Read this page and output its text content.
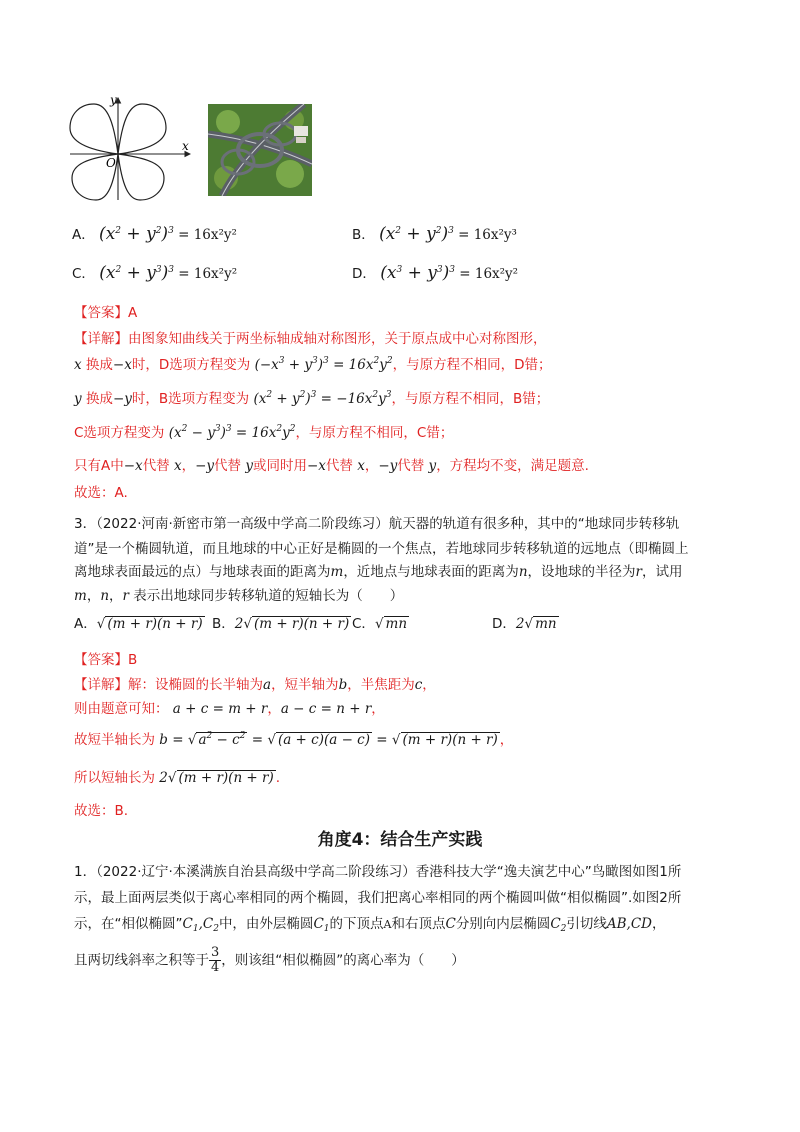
y
x
O
A． $(x^2 + y^2)^3 = 16x^2y^2$	B． $(x^2 + y^2)^3 = 16x^2y^3$
C． $(x^2 + y^3)^3 = 16x^2y^2$	D． $(x^3 + y^3)^3 = 16x^2y^2$
【答案】A
【详解】由图象知曲线关于两坐标轴成轴对称图形，关于原点成中心对称图形，
x 换成−x时，D选项方程变为 $(-x^3 + y^3)^3 = 16x^2y^2$，与原方程不相同，D错；
y 换成−y时，B选项方程变为 $(x^2 + y^2)^3 = -16x^2y^3$，与原方程不相同，B错；
C选项方程变为 $(x^2 - y^3)^3 = 16x^2y^2$，与原方程不相同，C错；
只有A中−x代替 x，−y代替 y或同时用−x代替 x，−y代替 y，方程均不变，满足题意.
故选：A.
3．（2022·河南·新密市第一高级中学高二阶段练习）航天器的轨道有很多种，其中的“地球同步转移轨
道”是一个椭圆轨道，而且地球的中心正好是椭圆的一个焦点，若地球同步转移轨道的远地点（即椭圆上
离地球表面最远的点）与地球表面的距离为m，近地点与地球表面的距离为n，设地球的半径为r，试用
m，n，r 表示出地球同步转移轨道的短轴长为（　　）
A．√ (m + r)(n + r) B．2√ (m + r)(n + r) C．√ mn	D．2√ mn
【答案】B
【详解】解：设椭圆的长半轴为a，短半轴为b，半焦距为c，
则由题意可知： a + c = m + r，a − c = n + r，
故短半轴长为 b = √ $a^2 - c^2$ = √ (a + c)(a − c) = √ (m + r)(n + r) ，
所以短轴长为 2√ (m + r)(n + r) .
故选：B.
角度4：结合生产实践
1．（2022·辽宁·本溪满族自治县高级中学高二阶段练习）香港科技大学“逸夫演艺中心”鸟瞰图如图1所
示，最上面两层类似于离心率相同的两个椭圆，我们把离心率相同的两个椭圆叫做“相似椭圆”.如图2所
示，在“相似椭圆$”C_1,C_2$中，由外层椭圆$C_1$的下顶点A和右顶点C分别向内层椭圆$C_2$引切线AB,CD，
且两切线斜率之积等于 $\frac{3}{4}$ ，则该组“相似椭圆”的离心率为（　　）
